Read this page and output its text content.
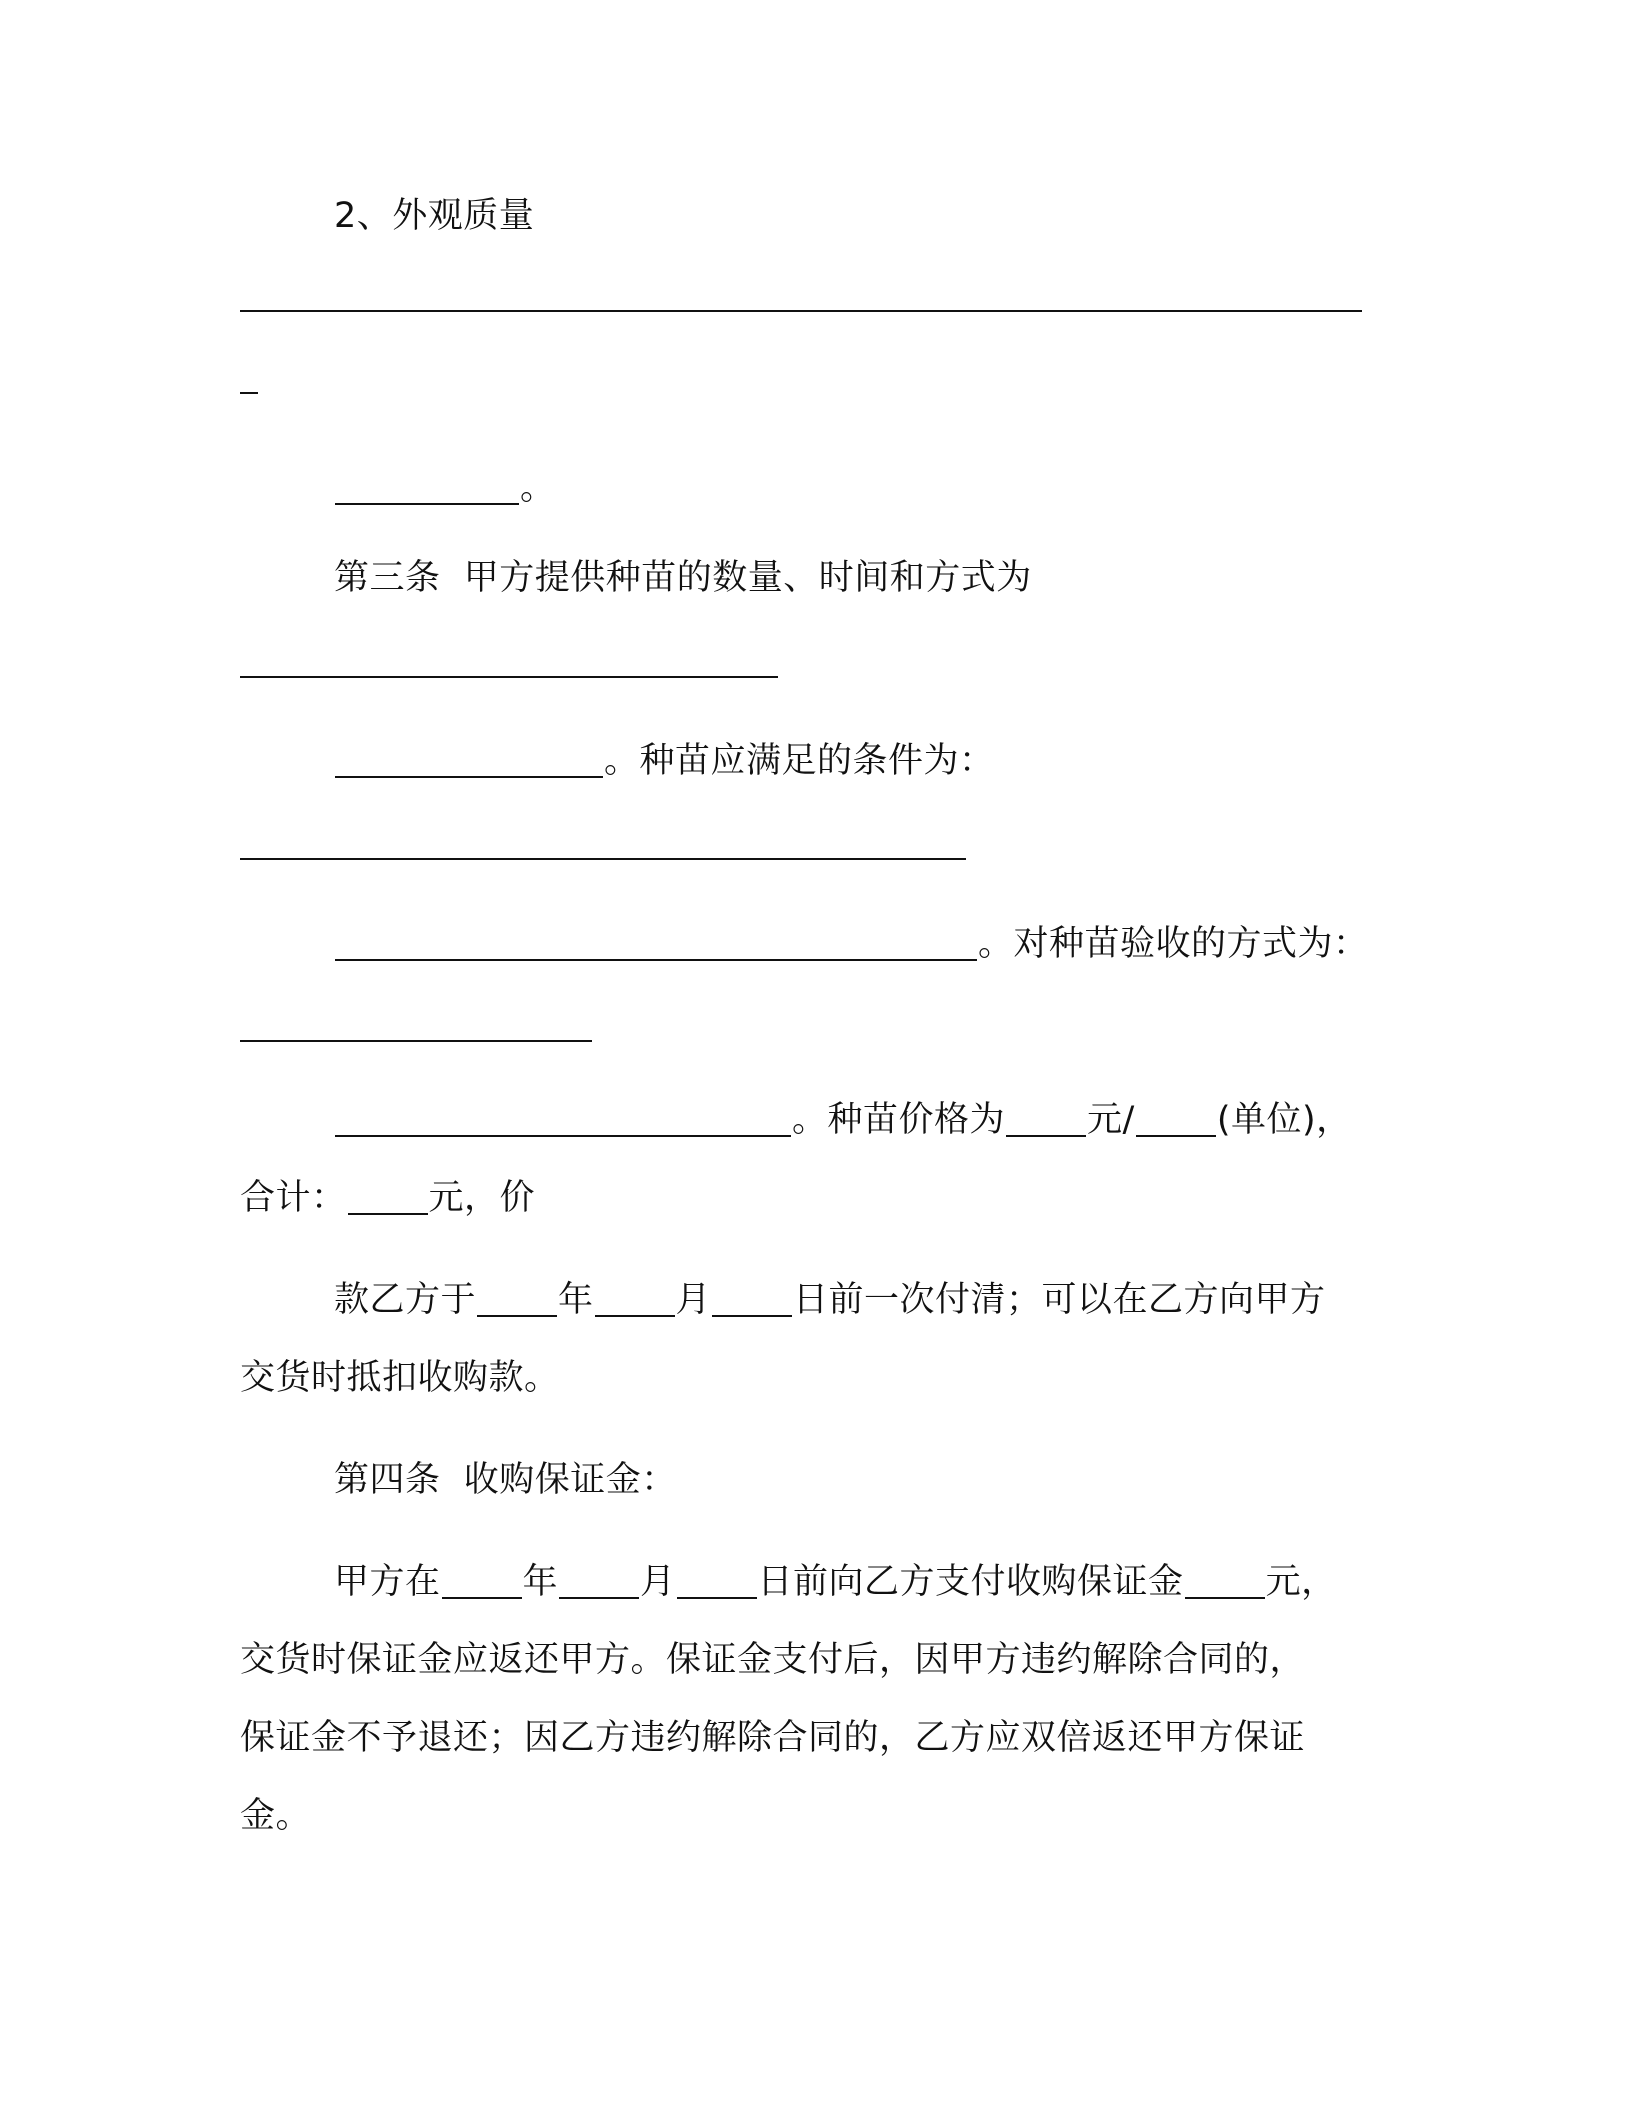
2、外观质量
。
第三条  甲方提供种苗的数量、时间和方式为
。种苗应满足的条件为：
。对种苗验收的方式为：
。种苗价格为 元/ (单位)，
合计： 元，价
款乙方于 年 月 日前一次付清；可以在乙方向甲方
交货时抵扣收购款。
第四条  收购保证金：
甲方在 年 月 日前向乙方支付收购保证金 元，
交货时保证金应返还甲方。保证金支付后，因甲方违约解除合同的，
保证金不予退还；因乙方违约解除合同的，乙方应双倍返还甲方保证
金。
